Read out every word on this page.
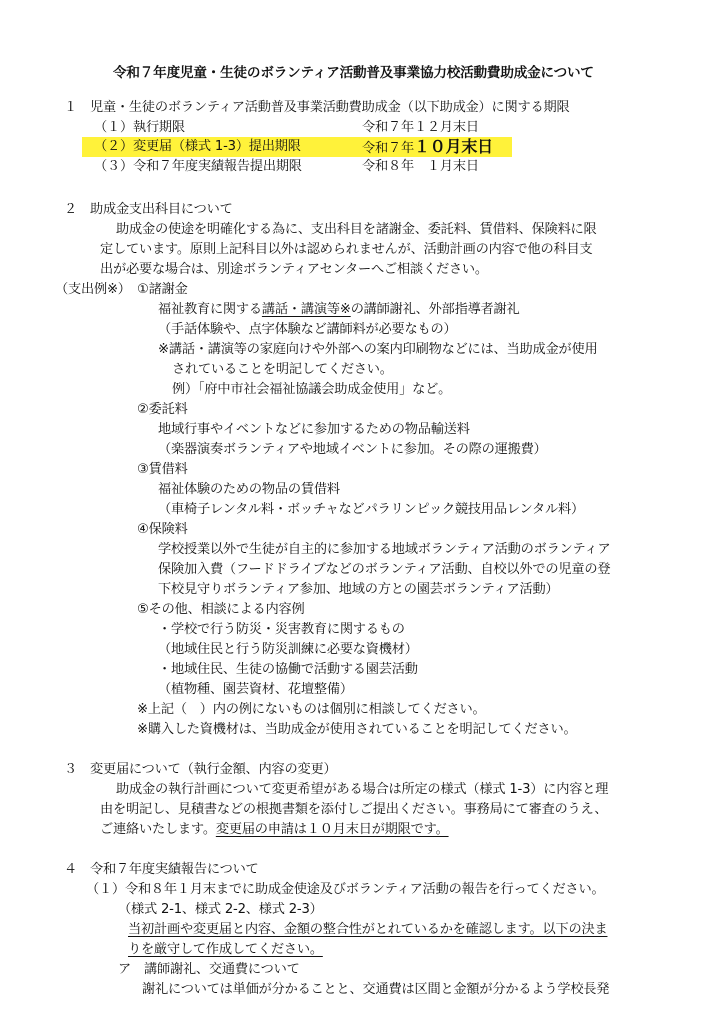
令和７年度児童・生徒のボランティア活動普及事業協力校活動費助成金について
１　児童・生徒のボランティア活動普及事業活動費助成金（以下助成金）に関する期限
（１）執行期限	令和７年１２月末日
（２）変更届（様式 1-3）提出期限	令和７年１０月末日
（３）令和７年度実績報告提出期限	令和８年　１月末日
２　助成金支出科目について
助成金の使途を明確化する為に、支出科目を諸謝金、委託料、賃借料、保険料に限
定しています。原則上記科目以外は認められませんが、活動計画の内容で他の科目支
出が必要な場合は、別途ボランティアセンターへご相談ください。
（支出例※） ①諸謝金
福祉教育に関する講話・講演等※の講師謝礼、外部指導者謝礼
（手話体験や、点字体験など講師料が必要なもの）
※講話・講演等の家庭向けや外部への案内印刷物などには、当助成金が使用
されていることを明記してください。
例）「府中市社会福祉協議会助成金使用」など。
②委託料
地域行事やイベントなどに参加するための物品輸送料
（楽器演奏ボランティアや地域イベントに参加。その際の運搬費）
③賃借料
福祉体験のための物品の賃借料
（車椅子レンタル料・ボッチャなどパラリンピック競技用品レンタル料）
④保険料
学校授業以外で生徒が自主的に参加する地域ボランティア活動のボランティア
保険加入費（フードドライブなどのボランティア活動、自校以外での児童の登
下校見守りボランティア参加、地域の方との園芸ボランティア活動）
⑤その他、相談による内容例
・学校で行う防災・災害教育に関するもの
（地域住民と行う防災訓練に必要な資機材）
・地域住民、生徒の協働で活動する園芸活動
（植物種、園芸資材、花壇整備）
※上記（　）内の例にないものは個別に相談してください。
※購入した資機材は、当助成金が使用されていることを明記してください。
３　変更届について（執行金額、内容の変更）
助成金の執行計画について変更希望がある場合は所定の様式（様式 1-3）に内容と理
由を明記し、見積書などの根拠書類を添付しご提出ください。事務局にて審査のうえ、
ご連絡いたします。変更届の申請は１０月末日が期限です。
４　令和７年度実績報告について
（１）令和８年１月末までに助成金使途及びボランティア活動の報告を行ってください。
（様式 2-1、様式 2-2、様式 2-3）
当初計画や変更届と内容、金額の整合性がとれているかを確認します。以下の決ま
りを厳守して作成してください。
ア　講師謝礼、交通費について
謝礼については単価が分かることと、交通費は区間と金額が分かるよう学校長発
